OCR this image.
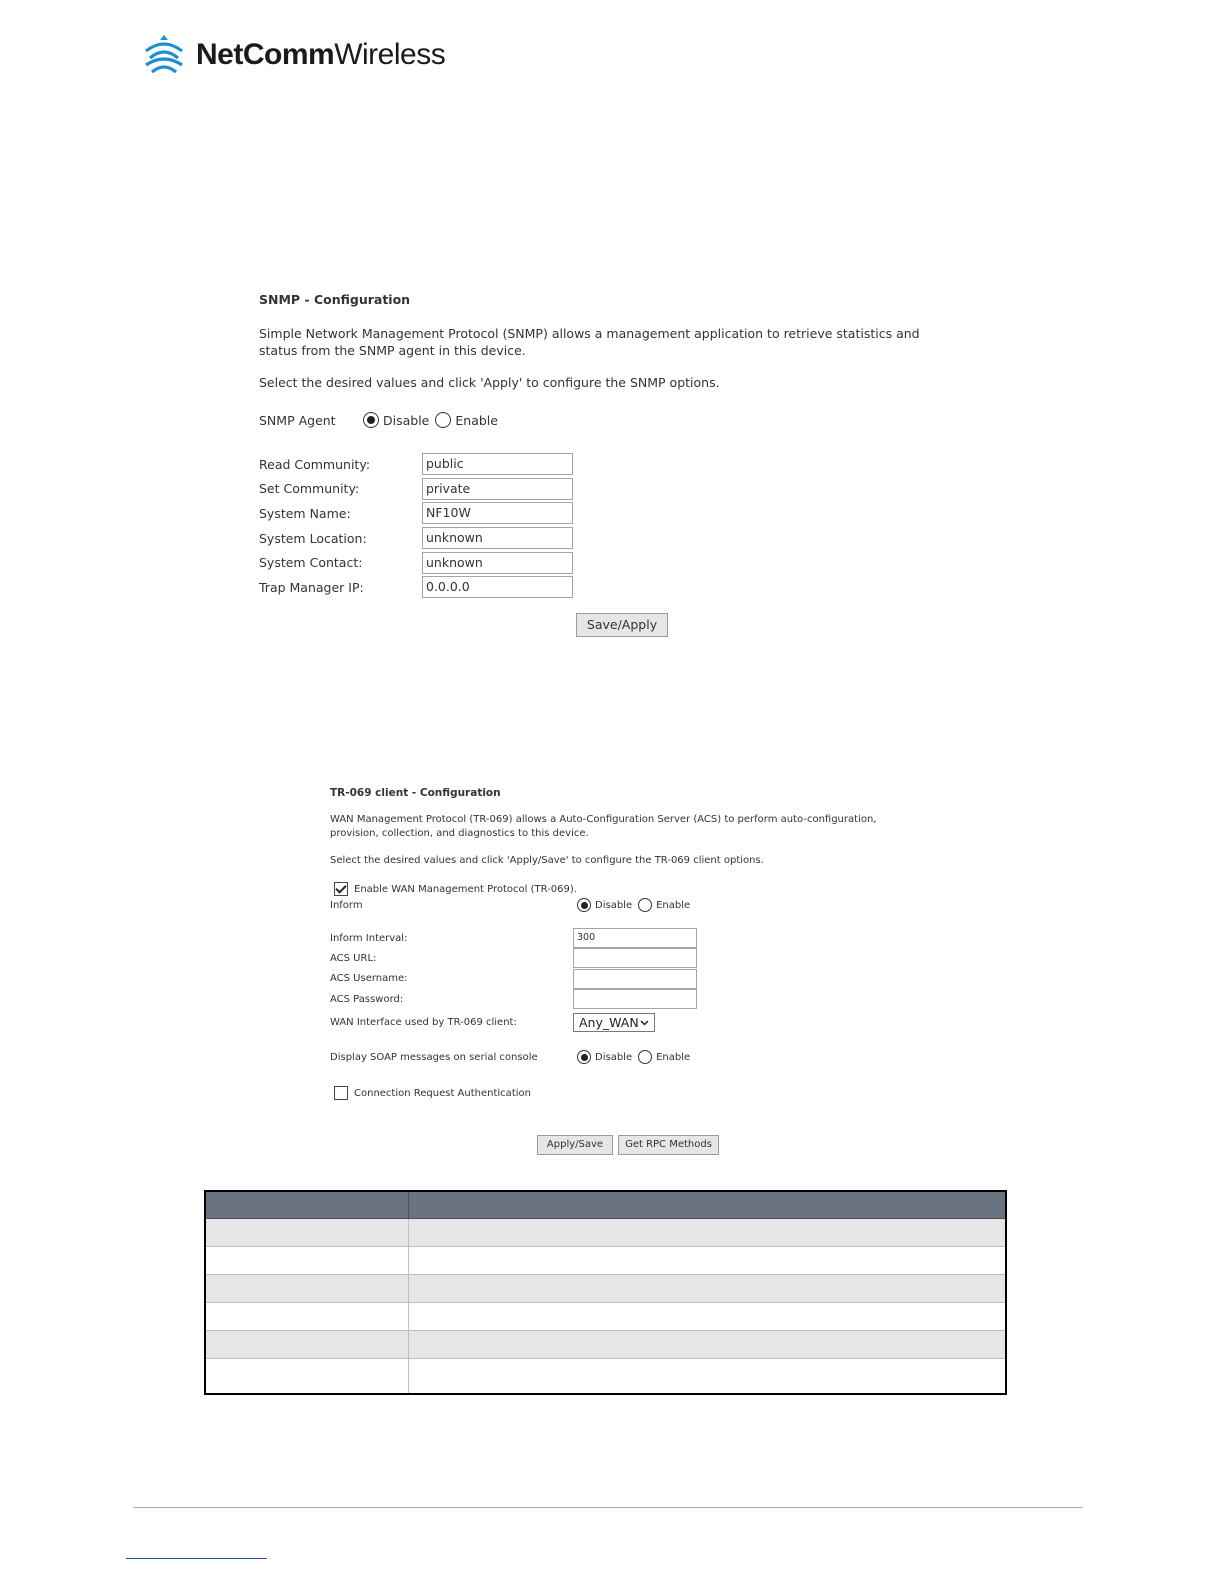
NetCommWireless

SNMP - Configuration

Simple Network Management Protocol (SNMP) allows a management application to retrieve statistics and status from the SNMP agent in this device.
Select the desired values and click 'Apply' to configure the SNMP options.
SNMP Agent	Disable Enable
Read Community:	public
Set Community:	private
System Name:	NF10W
System Location:	unknown
System Contact:	unknown
Trap Manager IP:	0.0.0.0
Save/Apply

TR-069 client - Configuration

WAN Management Protocol (TR-069) allows a Auto-Configuration Server (ACS) to perform auto-configuration, provision, collection, and diagnostics to this device.
Select the desired values and click 'Apply/Save' to configure the TR-069 client options.
Enable WAN Management Protocol (TR-069).
Inform	Disable Enable
Inform Interval:	300
ACS URL:
ACS Username:
ACS Password:
WAN Interface used by TR-069 client:	Any_WAN
Display SOAP messages on serial console	Disable Enable
Connection Request Authentication
Apply/Save	Get RPC Methods
